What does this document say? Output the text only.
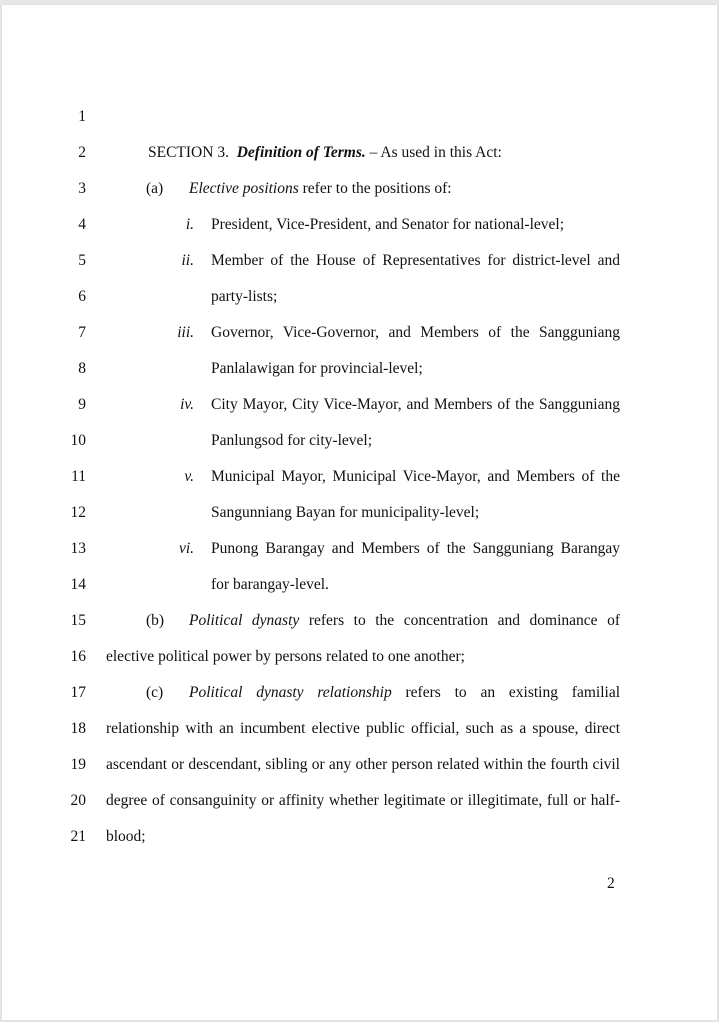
1
2	SECTION 3. Definition of Terms. – As used in this Act:
3	(a)	Elective positions refer to the positions of:
4	i. President, Vice-President, and Senator for national-level;
5	ii. Member of the House of Representatives for district-level and
6	party-lists;
7	iii. Governor, Vice-Governor, and Members of the Sangguniang
8	Panlalawigan for provincial-level;
9	iv. City Mayor, City Vice-Mayor, and Members of the Sangguniang
10	Panlungsod for city-level;
11	v. Municipal Mayor, Municipal Vice-Mayor, and Members of the
12	Sangunniang Bayan for municipality-level;
13	vi. Punong Barangay and Members of the Sangguniang Barangay
14	for barangay-level.
15	(b)	Political dynasty refers to the concentration and dominance of
16 elective political power by persons related to one another;
17	(c)	Political dynasty relationship refers to an existing familial
18 relationship with an incumbent elective public official, such as a spouse, direct
19 ascendant or descendant, sibling or any other person related within the fourth civil
20 degree of consanguinity or affinity whether legitimate or illegitimate, full or half-
21 blood;
2
